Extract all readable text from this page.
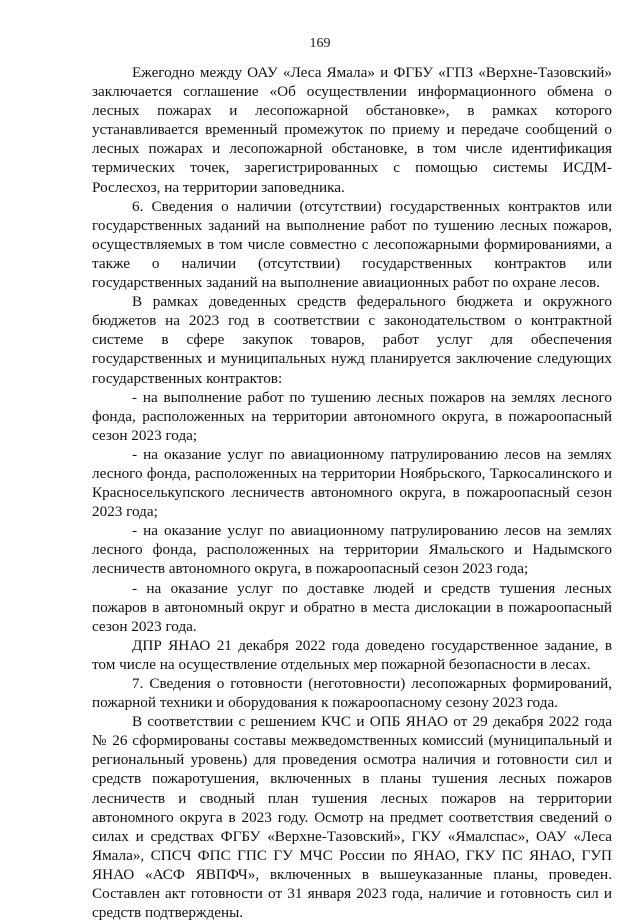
169

Ежегодно между ОАУ «Леса Ямала» и ФГБУ «ГПЗ «Верхне-Тазовский» заключается соглашение «Об осуществлении информационного обмена о лесных пожарах и лесопожарной обстановке», в рамках которого устанавливается временный промежуток по приему и передаче сообщений о лесных пожарах и лесопожарной обстановке, в том числе идентификация термических точек, зарегистрированных с помощью системы ИСДМ-Рослесхоз, на территории заповедника.

6. Сведения о наличии (отсутствии) государственных контрактов или государственных заданий на выполнение работ по тушению лесных пожаров, осуществляемых в том числе совместно с лесопожарными формированиями, а также о наличии (отсутствии) государственных контрактов или государственных заданий на выполнение авиационных работ по охране лесов.

В рамках доведенных средств федерального бюджета и окружного бюджетов на 2023 год в соответствии с законодательством о контрактной системе в сфере закупок товаров, работ услуг для обеспечения государственных и муниципальных нужд планируется заключение следующих государственных контрактов:

- на выполнение работ по тушению лесных пожаров на землях лесного фонда, расположенных на территории автономного округа, в пожароопасный сезон 2023 года;

- на оказание услуг по авиационному патрулированию лесов на землях лесного фонда, расположенных на территории Ноябрьского, Таркосалинского и Красноселькупского лесничеств автономного округа, в пожароопасный сезон 2023 года;

- на оказание услуг по авиационному патрулированию лесов на землях лесного фонда, расположенных на территории Ямальского и Надымского лесничеств автономного округа, в пожароопасный сезон 2023 года;

- на оказание услуг по доставке людей и средств тушения лесных пожаров в автономный округ и обратно в места дислокации в пожароопасный сезон 2023 года.

ДПР ЯНАО 21 декабря 2022 года доведено государственное задание, в том числе на осуществление отдельных мер пожарной безопасности в лесах.

7. Сведения о готовности (неготовности) лесопожарных формирований, пожарной техники и оборудования к пожароопасному сезону 2023 года.

В соответствии с решением КЧС и ОПБ ЯНАО от 29 декабря 2022 года № 26 сформированы составы межведомственных комиссий (муниципальный и региональный уровень) для проведения осмотра наличия и готовности сил и средств пожаротушения, включенных в планы тушения лесных пожаров лесничеств и сводный план тушения лесных пожаров на территории автономного округа в 2023 году. Осмотр на предмет соответствия сведений о силах и средствах ФГБУ «Верхне-Тазовский», ГКУ «Ямалспас», ОАУ «Леса Ямала», СПСЧ ФПС ГПС ГУ МЧС России по ЯНАО, ГКУ ПС ЯНАО, ГУП ЯНАО «АСФ ЯВПФЧ», включенных в вышеуказанные планы, проведен. Составлен акт готовности от 31 января 2023 года, наличие и готовность сил и средств подтверждены.
